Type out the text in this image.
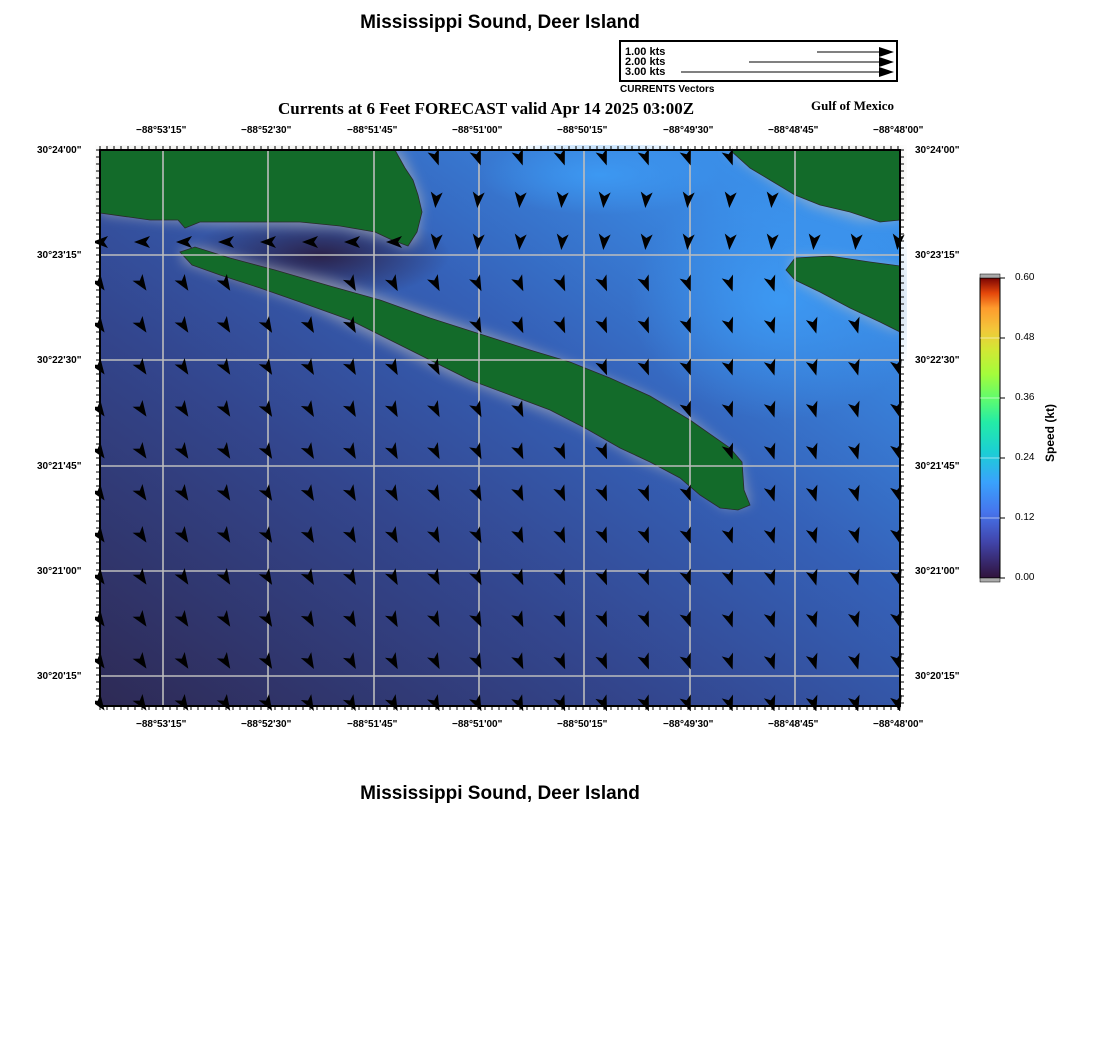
Mississippi Sound, Deer Island
1.00 kts
2.00 kts
3.00 kts
CURRENTS Vectors
Currents at 6 Feet FORECAST valid Apr 14 2025 03:00Z	Gulf of Mexico
−88°53'15"	−88°52'30"	−88°51'45"	−88°51'00"	−88°50'15"	−88°49'30"	−88°48'45"	−88°48'00"
−88°53'15"	−88°52'30"	−88°51'45"	−88°51'00"	−88°50'15"	−88°49'30"	−88°48'45"	−88°48'00"
30°24'00"
30°23'15"
30°22'30"
30°21'45"
30°21'00"
30°20'15"
30°24'00"
30°23'15"
30°22'30"
30°21'45"
30°21'00"
30°20'15"
0.60
0.48
0.36
0.24
0.12
0.00
Speed (kt)
Mississippi Sound, Deer Island
